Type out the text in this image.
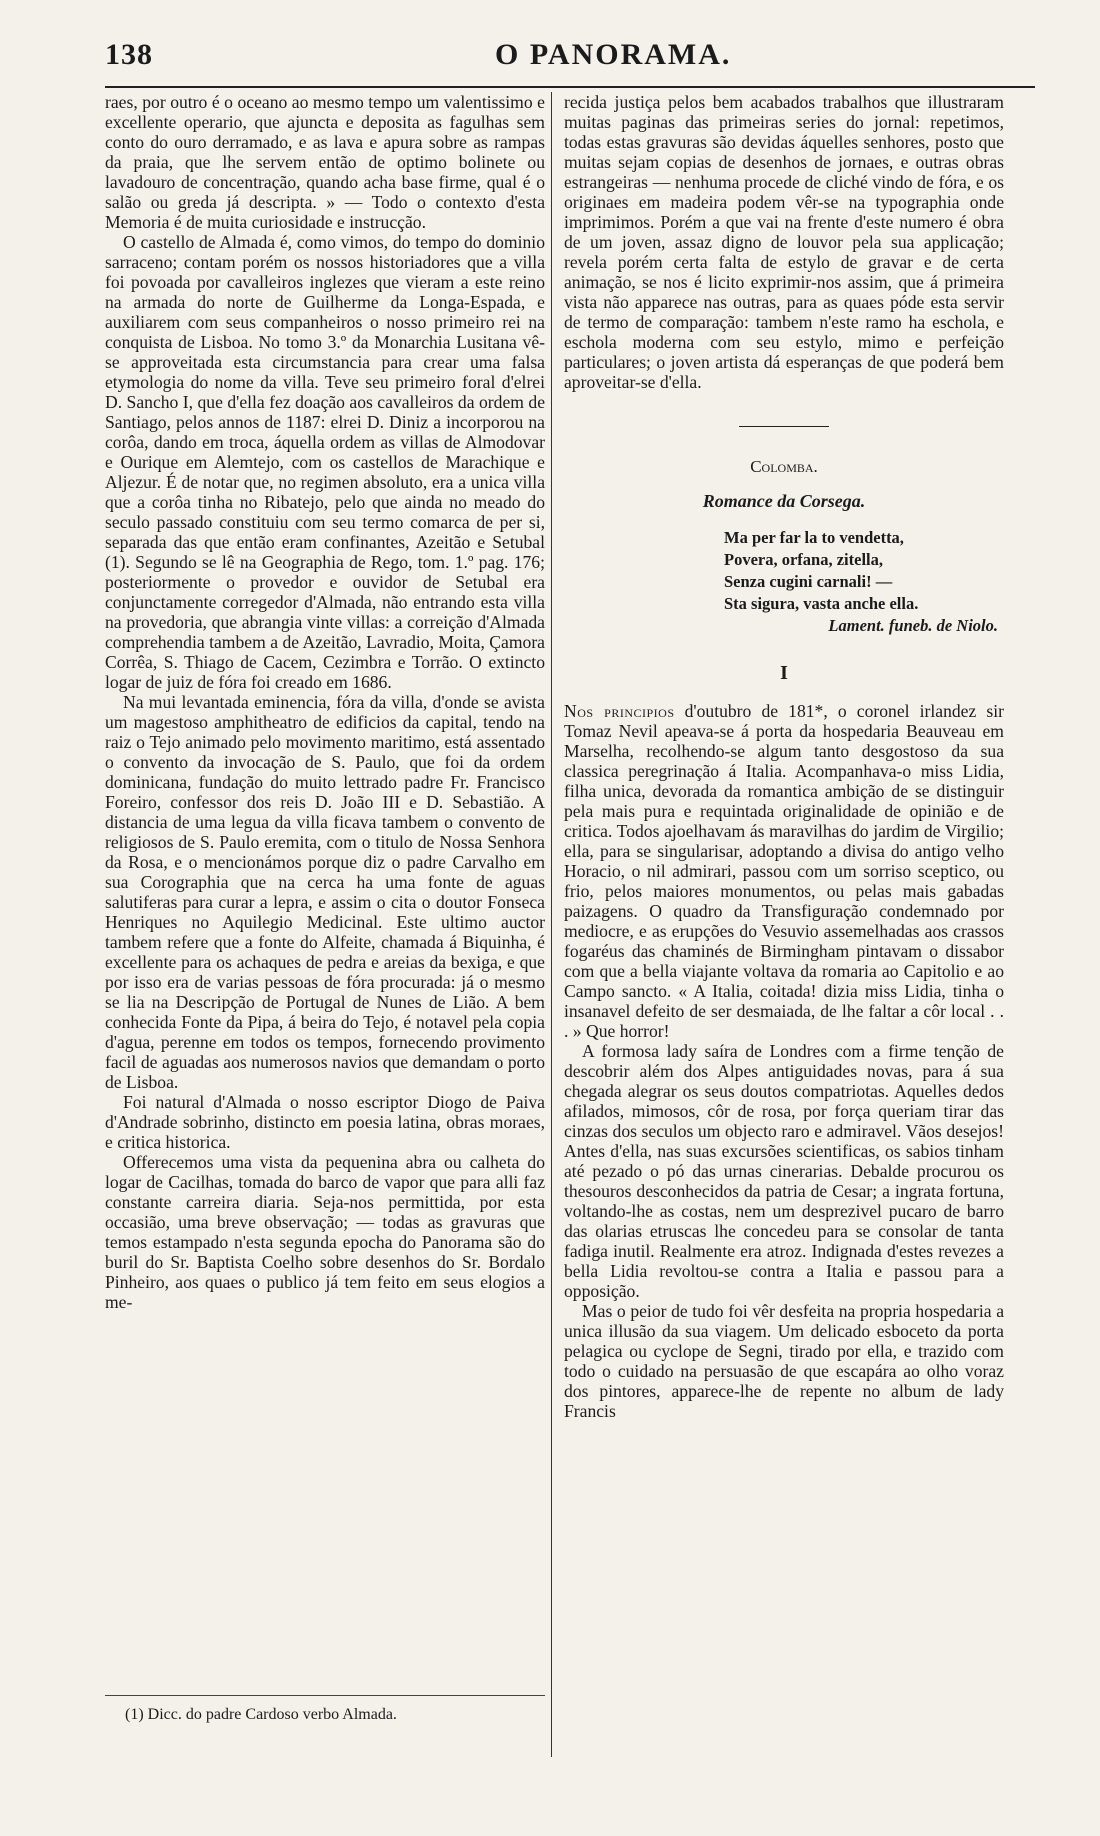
138	O PANORAMA.

raes, por outro é o oceano ao mesmo tempo um valentissimo e excellente operario, que ajuncta e deposita as fagulhas sem conto do ouro derramado, e as lava e apura sobre as rampas da praia, que lhe servem então de optimo bolinete ou lavadouro de concentração, quando acha base firme, qual é o salão ou greda já descripta. » — Todo o contexto d'esta Memoria é de muita curiosidade e instrucção.

O castello de Almada é, como vimos, do tempo do dominio sarraceno; contam porém os nossos historiadores que a villa foi povoada por cavalleiros inglezes que vieram a este reino na armada do norte de Guilherme da Longa-Espada, e auxiliarem com seus companheiros o nosso primeiro rei na conquista de Lisboa. No tomo 3.º da Monarchia Lusitana vê-se approveitada esta circumstancia para crear uma falsa etymologia do nome da villa. Teve seu primeiro foral d'elrei D. Sancho I, que d'ella fez doação aos cavalleiros da ordem de Santiago, pelos annos de 1187: elrei D. Diniz a incorporou na corôa, dando em troca, áquella ordem as villas de Almodovar e Ourique em Alemtejo, com os castellos de Marachique e Aljezur. É de notar que, no regimen absoluto, era a unica villa que a corôa tinha no Ribatejo, pelo que ainda no meado do seculo passado constituiu com seu termo comarca de per si, separada das que então eram confinantes, Azeitão e Setubal (1). Segundo se lê na Geographia de Rego, tom. 1.º pag. 176; posteriormente o provedor e ouvidor de Setubal era conjunctamente corregedor d'Almada, não entrando esta villa na provedoria, que abrangia vinte villas: a correição d'Almada comprehendia tambem a de Azeitão, Lavradio, Moita, Çamora Corrêa, S. Thiago de Cacem, Cezimbra e Torrão. O extincto logar de juiz de fóra foi creado em 1686.

Na mui levantada eminencia, fóra da villa, d'onde se avista um magestoso amphitheatro de edificios da capital, tendo na raiz o Tejo animado pelo movimento maritimo, está assentado o convento da invocação de S. Paulo, que foi da ordem dominicana, fundação do muito lettrado padre Fr. Francisco Foreiro, confessor dos reis D. João III e D. Sebastião. A distancia de uma legua da villa ficava tambem o convento de religiosos de S. Paulo eremita, com o titulo de Nossa Senhora da Rosa, e o mencionámos porque diz o padre Carvalho em sua Corographia que na cerca ha uma fonte de aguas salutiferas para curar a lepra, e assim o cita o doutor Fonseca Henriques no Aquilegio Medicinal. Este ultimo auctor tambem refere que a fonte do Alfeite, chamada á Biquinha, é excellente para os achaques de pedra e areias da bexiga, e que por isso era de varias pessoas de fóra procurada: já o mesmo se lia na Descripção de Portugal de Nunes de Lião. A bem conhecida Fonte da Pipa, á beira do Tejo, é notavel pela copia d'agua, perenne em todos os tempos, fornecendo provimento facil de aguadas aos numerosos navios que demandam o porto de Lisboa.

Foi natural d'Almada o nosso escriptor Diogo de Paiva d'Andrade sobrinho, distincto em poesia latina, obras moraes, e critica historica.

Offerecemos uma vista da pequenina abra ou calheta do logar de Cacilhas, tomada do barco de vapor que para alli faz constante carreira diaria. Seja-nos permittida, por esta occasião, uma breve observação; — todas as gravuras que temos estampado n'esta segunda epocha do Panorama são do buril do Sr. Baptista Coelho sobre desenhos do Sr. Bordalo Pinheiro, aos quaes o publico já tem feito em seus elogios a me-

(1) Dicc. do padre Cardoso verbo Almada.

recida justiça pelos bem acabados trabalhos que illustraram muitas paginas das primeiras series do jornal: repetimos, todas estas gravuras são devidas áquelles senhores, posto que muitas sejam copias de desenhos de jornaes, e outras obras estrangeiras — nenhuma procede de cliché vindo de fóra, e os originaes em madeira podem vêr-se na typographia onde imprimimos. Porém a que vai na frente d'este numero é obra de um joven, assaz digno de louvor pela sua applicação; revela porém certa falta de estylo de gravar e de certa animação, se nos é licito exprimir-nos assim, que á primeira vista não apparece nas outras, para as quaes póde esta servir de termo de comparação: tambem n'este ramo ha eschola, e eschola moderna com seu estylo, mimo e perfeição particulares; o joven artista dá esperanças de que poderá bem aproveitar-se d'ella.

Colomba.
Romance da Corsega.
Ma per far la to vendetta,
Povera, orfana, zitella,
Senza cugini carnali! —
Sta sigura, vasta anche ella.
Lament. funeb. de Niolo.
I

Nos principios d'outubro de 181*, o coronel irlandez sir Tomaz Nevil apeava-se á porta da hospedaria Beauveau em Marselha, recolhendo-se algum tanto desgostoso da sua classica peregrinação á Italia. Acompanhava-o miss Lidia, filha unica, devorada da romantica ambição de se distinguir pela mais pura e requintada originalidade de opinião e de critica. Todos ajoelhavam ás maravilhas do jardim de Virgilio; ella, para se singularisar, adoptando a divisa do antigo velho Horacio, o nil admirari, passou com um sorriso sceptico, ou frio, pelos maiores monumentos, ou pelas mais gabadas paizagens. O quadro da Transfiguração condemnado por mediocre, e as erupções do Vesuvio assemelhadas aos crassos fogaréus das chaminés de Birmingham pintavam o dissabor com que a bella viajante voltava da romaria ao Capitolio e ao Campo sancto. « A Italia, coitada! dizia miss Lidia, tinha o insanavel defeito de ser desmaiada, de lhe faltar a côr local . . . » Que horror!

A formosa lady saíra de Londres com a firme tenção de descobrir além dos Alpes antiguidades novas, para á sua chegada alegrar os seus doutos compatriotas. Aquelles dedos afilados, mimosos, côr de rosa, por força queriam tirar das cinzas dos seculos um objecto raro e admiravel. Vãos desejos! Antes d'ella, nas suas excursões scientificas, os sabios tinham até pezado o pó das urnas cinerarias. Debalde procurou os thesouros desconhecidos da patria de Cesar; a ingrata fortuna, voltando-lhe as costas, nem um desprezivel pucaro de barro das olarias etruscas lhe concedeu para se consolar de tanta fadiga inutil. Realmente era atroz. Indignada d'estes revezes a bella Lidia revoltou-se contra a Italia e passou para a opposição.

Mas o peior de tudo foi vêr desfeita na propria hospedaria a unica illusão da sua viagem. Um delicado esboceto da porta pelagica ou cyclope de Segni, tirado por ella, e trazido com todo o cuidado na persuasão de que escapára ao olho voraz dos pintores, apparece-lhe de repente no album de lady Francis
